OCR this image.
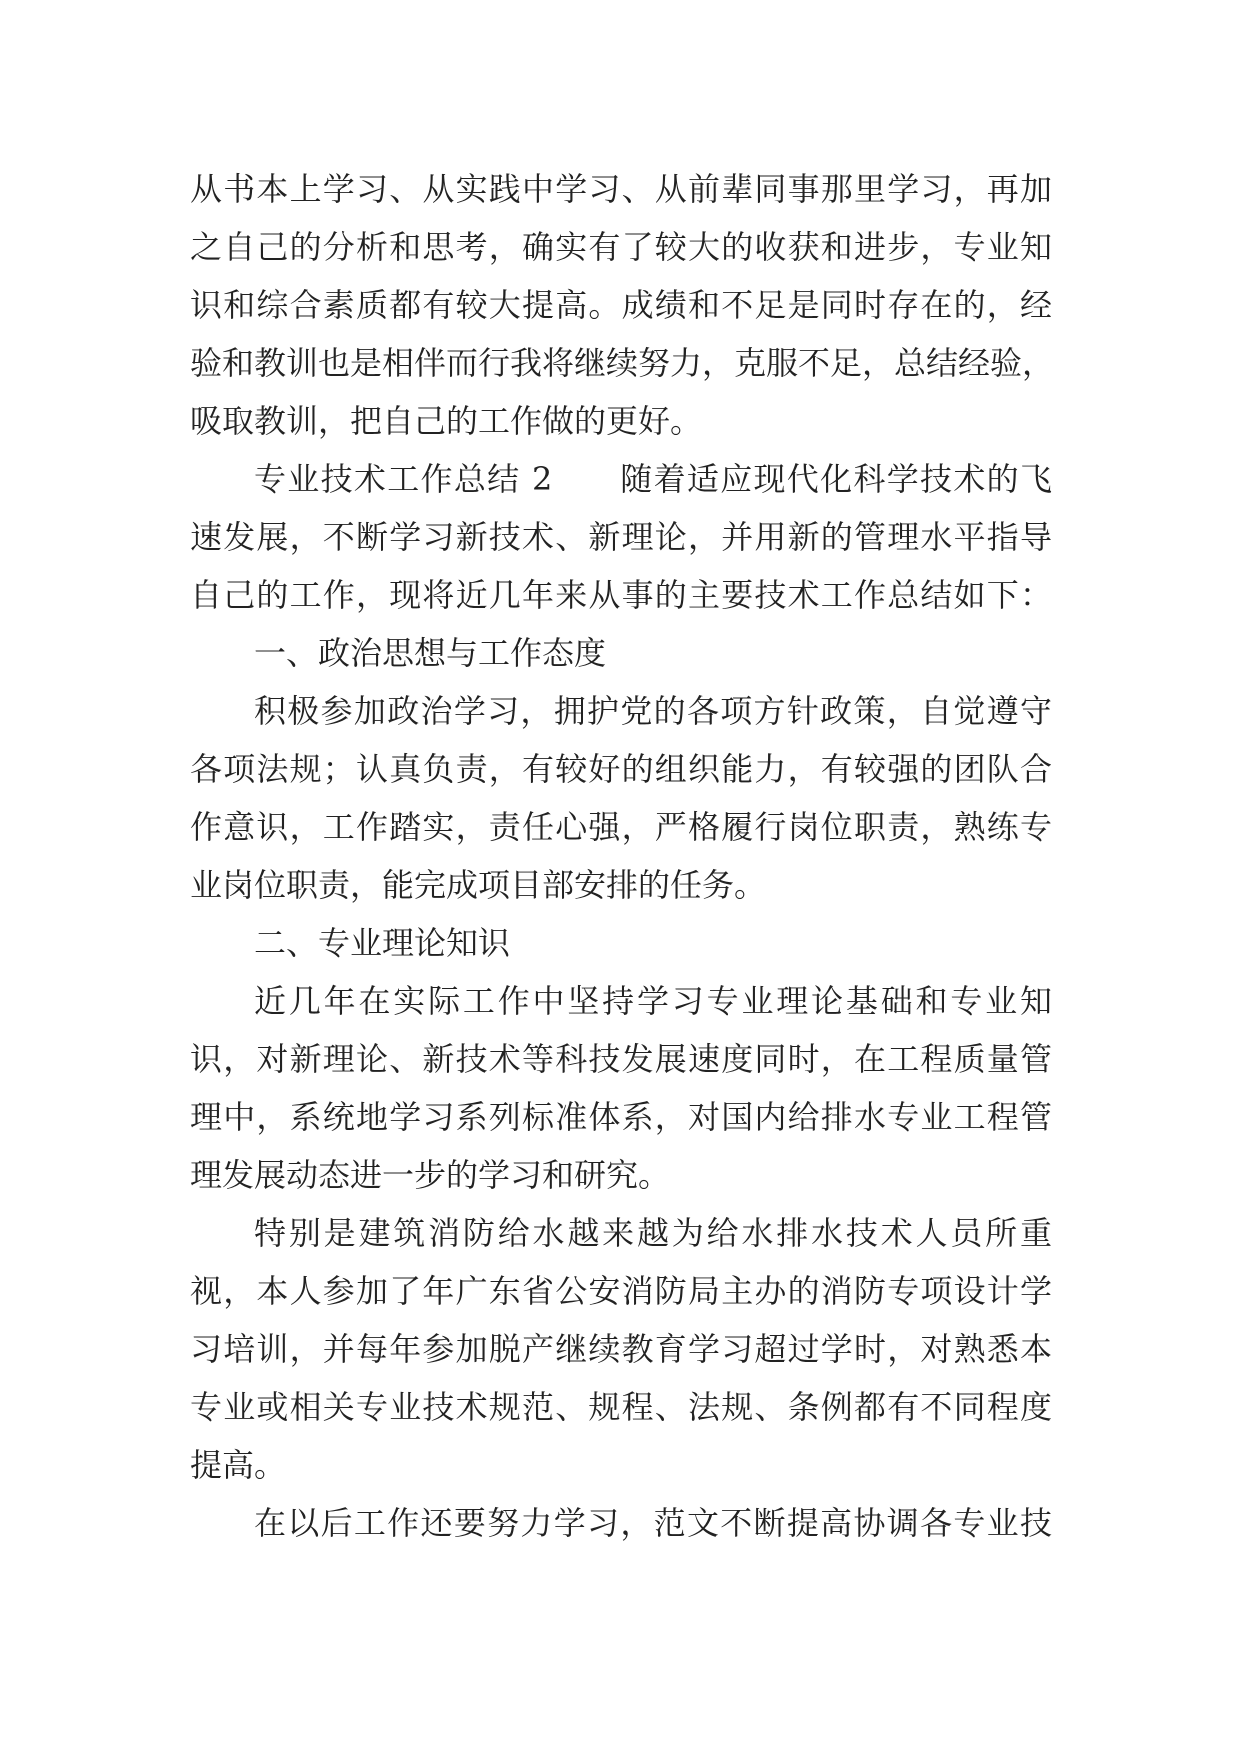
从书本上学习、从实践中学习、从前辈同事那里学习，再加
之自己的分析和思考，确实有了较大的收获和进步，专业知
识和综合素质都有较大提高。成绩和不足是同时存在的，经
验和教训也是相伴而行我将继续努力，克服不足，总结经验，
吸取教训，把自己的工作做的更好。
专业技术工作总结 2　　随着适应现代化科学技术的飞
速发展，不断学习新技术、新理论，并用新的管理水平指导
自己的工作，现将近几年来从事的主要技术工作总结如下：
一、政治思想与工作态度
积极参加政治学习，拥护党的各项方针政策，自觉遵守
各项法规；认真负责，有较好的组织能力，有较强的团队合
作意识，工作踏实，责任心强，严格履行岗位职责，熟练专
业岗位职责，能完成项目部安排的任务。
二、专业理论知识
近几年在实际工作中坚持学习专业理论基础和专业知
识，对新理论、新技术等科技发展速度同时，在工程质量管
理中，系统地学习系列标准体系，对国内给排水专业工程管
理发展动态进一步的学习和研究。
特别是建筑消防给水越来越为给水排水技术人员所重
视，本人参加了年广东省公安消防局主办的消防专项设计学
习培训，并每年参加脱产继续教育学习超过学时，对熟悉本
专业或相关专业技术规范、规程、法规、条例都有不同程度
提高。
在以后工作还要努力学习，范文不断提高协调各专业技
